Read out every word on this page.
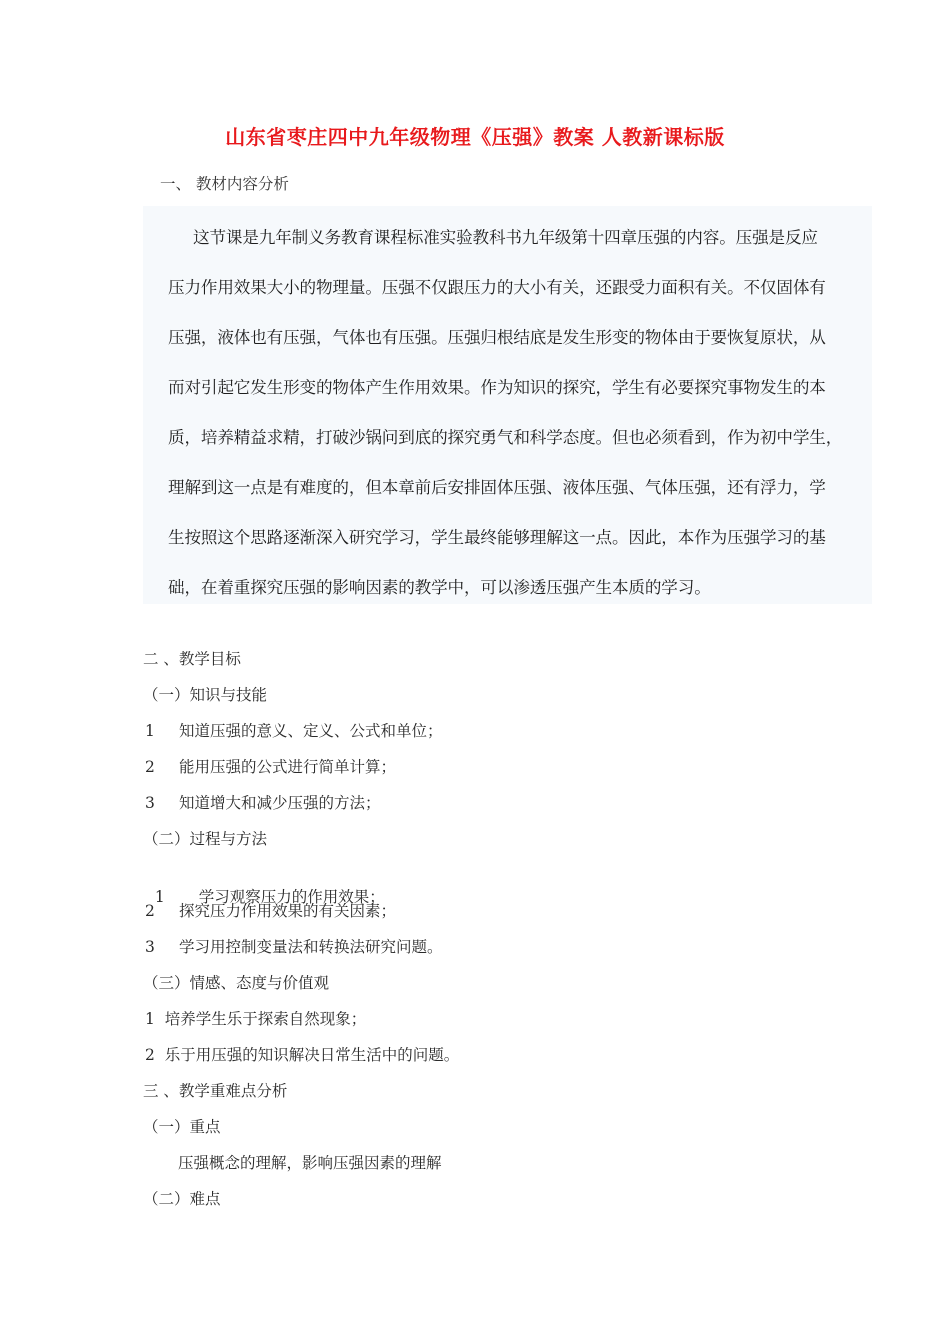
山东省枣庄四中九年级物理《压强》教案 人教新课标版
一、 教材内容分析
这节课是九年制义务教育课程标准实验教科书九年级第十四章压强的内容。压强是反应
压力作用效果大小的物理量。压强不仅跟压力的大小有关，还跟受力面积有关。不仅固体有
压强，液体也有压强，气体也有压强。压强归根结底是发生形变的物体由于要恢复原状，从
而对引起它发生形变的物体产生作用效果。作为知识的探究，学生有必要探究事物发生的本
质，培养精益求精，打破沙锅问到底的探究勇气和科学态度。但也必须看到，作为初中学生，
理解到这一点是有难度的，但本章前后安排固体压强、液体压强、气体压强，还有浮力，学
生按照这个思路逐渐深入研究学习，学生最终能够理解这一点。因此，本作为压强学习的基
础，在着重探究压强的影响因素的教学中，可以渗透压强产生本质的学习。
二 、教学目标
（一）知识与技能
1 知道压强的意义、定义、公式和单位；
2 能用压强的公式进行简单计算；
3 知道增大和减少压强的方法；
（二）过程与方法

1  学习观察压力的作用效果；

2 探究压力作用效果的有关因素；
3 学习用控制变量法和转换法研究问题。
（三）情感、态度与价值观
1  培养学生乐于探索自然现象；
2  乐于用压强的知识解决日常生活中的问题。
三 、教学重难点分析
（一）重点
压强概念的理解，影响压强因素的理解
（二）难点
